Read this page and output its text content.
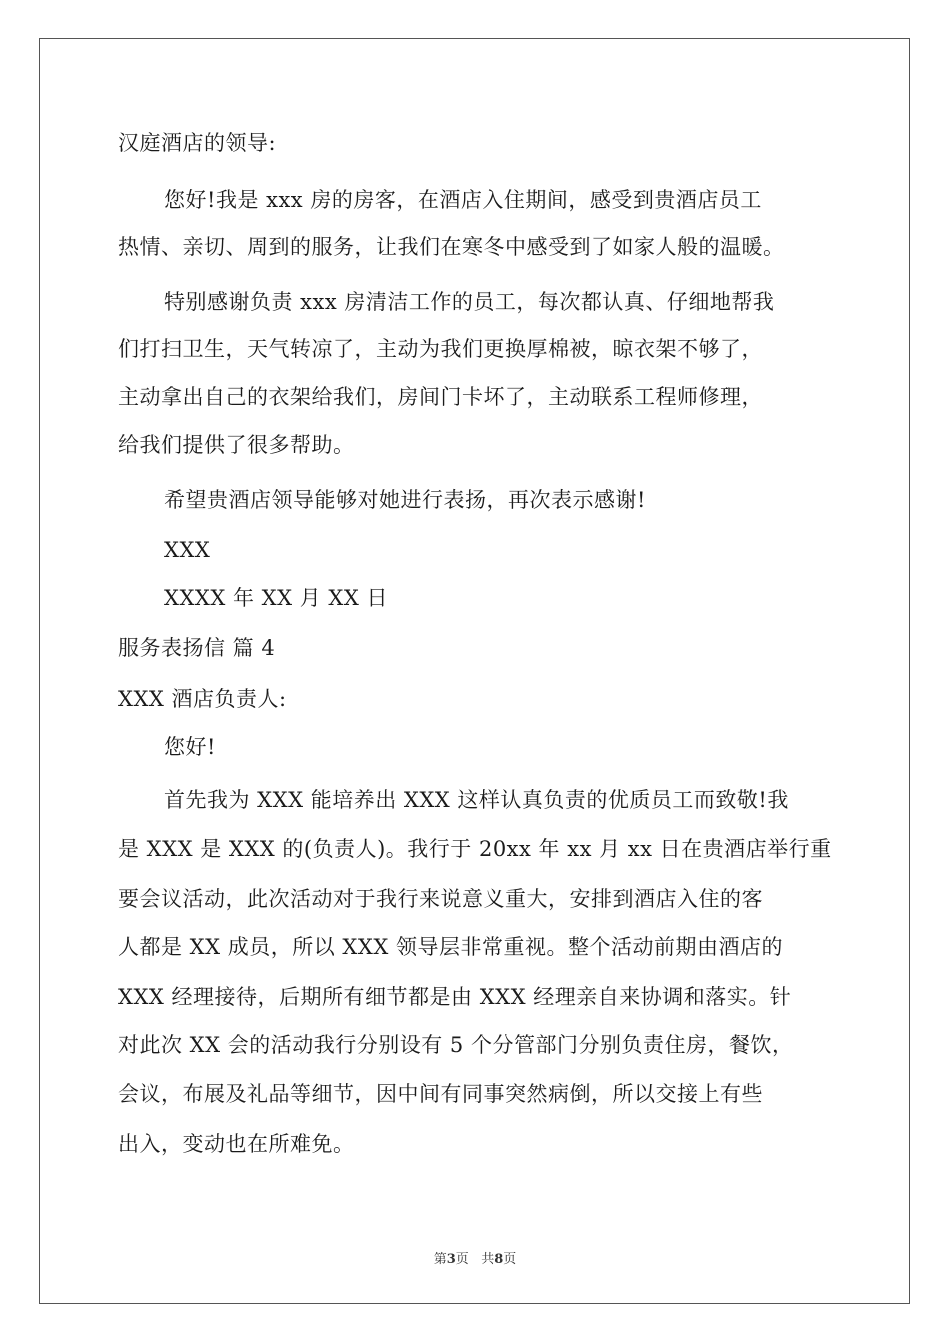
汉庭酒店的领导:
您好!我是 xxx 房的房客，在酒店入住期间，感受到贵酒店员工
热情、亲切、周到的服务，让我们在寒冬中感受到了如家人般的温暖。
特别感谢负责 xxx 房清洁工作的员工，每次都认真、仔细地帮我
们打扫卫生，天气转凉了，主动为我们更换厚棉被，晾衣架不够了，
主动拿出自己的衣架给我们，房间门卡坏了，主动联系工程师修理，
给我们提供了很多帮助。
希望贵酒店领导能够对她进行表扬，再次表示感谢!
XXX
XXXX 年 XX 月 XX 日
服务表扬信 篇 4
XXX 酒店负责人:
您好!
首先我为 XXX 能培养出 XXX 这样认真负责的优质员工而致敬!我
是 XXX 是 XXX 的(负责人)。我行于 20xx 年 xx 月 xx 日在贵酒店举行重
要会议活动，此次活动对于我行来说意义重大，安排到酒店入住的客
人都是 XX 成员，所以 XXX 领导层非常重视。整个活动前期由酒店的
XXX 经理接待，后期所有细节都是由 XXX 经理亲自来协调和落实。针
对此次 XX 会的活动我行分别设有 5 个分管部门分别负责住房，餐饮，
会议，布展及礼品等细节，因中间有同事突然病倒，所以交接上有些
出入，变动也在所难免。
第3页 共8页
